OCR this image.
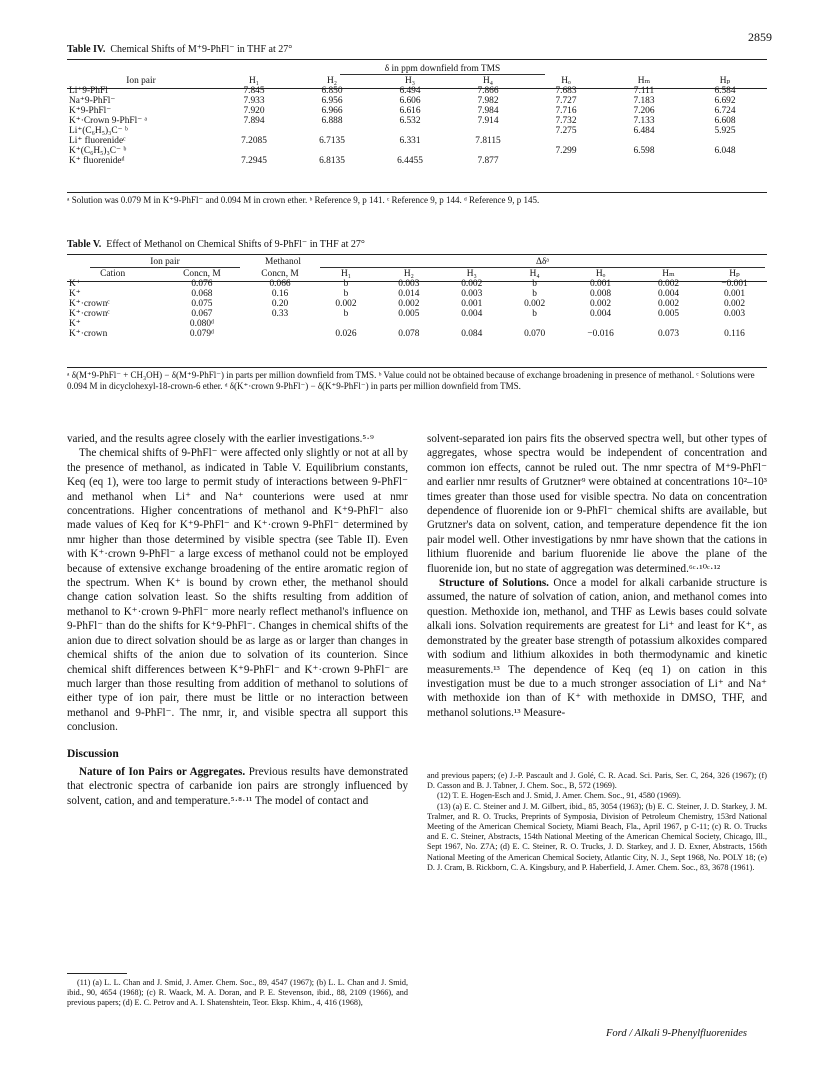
2859
Table IV. Chemical Shifts of M⁺9-PhFl⁻ in THF at 27°
δ in ppm downfield from TMS
Ion pair	H₁	H₂	H₃	H₄	Hₒ	Hₘ	Hₚ
Li⁺9-PhFl⁻	7.845	6.850	6.494	7.866	7.683	7.111	6.584
Na⁺9-PhFl⁻	7.933	6.956	6.606	7.982	7.727	7.183	6.692
K⁺9-PhFl⁻	7.920	6.966	6.616	7.984	7.716	7.206	6.724
K⁺·Crown 9-PhFl⁻ ᵃ	7.894	6.888	6.532	7.914	7.732	7.133	6.608
Li⁺(C₆H₅)₃C⁻ ᵇ					7.275	6.484	5.925
Li⁺ fluorenideᶜ	7.2085	6.7135	6.331	7.8115			
K⁺(C₆H₅)₃C⁻ ᵇ					7.299	6.598	6.048
K⁺ fluorenideᵈ	7.2945	6.8135	6.4455	7.877			
ᵃ Solution was 0.079 M in K⁺9-PhFl⁻ and 0.094 M in crown ether. ᵇ Reference 9, p 141. ᶜ Reference 9, p 144. ᵈ Reference 9, p 145.
Table V. Effect of Methanol on Chemical Shifts of 9-PhFl⁻ in THF at 27°
Ion pair	Methanol	Δδᵃ
Cation	Concn, M	Concn, M	H₁	H₂	H₃	H₄	Hₒ	Hₘ	Hₚ
K⁺	0.076	0.066	b	0.003	0.002	b	0.001	0.002	−0.001
K⁺	0.068	0.16	b	0.014	0.003	b	0.008	0.004	0.001
K⁺·crownᶜ	0.075	0.20	0.002	0.002	0.001	0.002	0.002	0.002	0.002
K⁺·crownᶜ	0.067	0.33	b	0.005	0.004	b	0.004	0.005	0.003
K⁺	0.080ᵈ								
K⁺·crown	0.079ᵈ		0.026	0.078	0.084	0.070	−0.016	0.073	0.116
ᵃ δ(M⁺9-PhFl⁻ + CH₃OH) − δ(M⁺9-PhFl⁻) in parts per million downfield from TMS. ᵇ Value could not be obtained because of exchange broadening in presence of methanol. ᶜ Solutions were 0.094 M in dicyclohexyl-18-crown-6 ether. ᵈ δ(K⁺·crown 9-PhFl⁻) − δ(K⁺9-PhFl⁻) in parts per million downfield from TMS.

varied, and the results agree closely with the earlier investigations.⁵·⁹

The chemical shifts of 9-PhFl⁻ were affected only slightly or not at all by the presence of methanol, as indicated in Table V. Equilibrium constants, Keq (eq 1), were too large to permit study of interactions between 9-PhFl⁻ and methanol when Li⁺ and Na⁺ counterions were used at nmr concentrations. Higher concentrations of methanol and K⁺9-PhFl⁻ also made values of Keq for K⁺9-PhFl⁻ and K⁺·crown 9-PhFl⁻ determined by nmr higher than those determined by visible spectra (see Table II). Even with K⁺·crown 9-PhFl⁻ a large excess of methanol could not be employed because of extensive exchange broadening of the entire aromatic region of the spectrum. When K⁺ is bound by crown ether, the methanol should change cation solvation least. So the shifts resulting from addition of methanol to K⁺·crown 9-PhFl⁻ more nearly reflect methanol's influence on 9-PhFl⁻ than do the shifts for K⁺9-PhFl⁻. Changes in chemical shifts of the anion due to direct solvation should be as large as or larger than changes in chemical shifts of the anion due to solvation of its counterion. Since chemical shift differences between K⁺9-PhFl⁻ and K⁺·crown 9-PhFl⁻ are much larger than those resulting from addition of methanol to solutions of either type of ion pair, there must be little or no interaction between methanol and 9-PhFl⁻. The nmr, ir, and visible spectra all support this conclusion.

Discussion

Nature of Ion Pairs or Aggregates. Previous results have demonstrated that electronic spectra of carbanide ion pairs are strongly influenced by solvent, cation, and and temperature.⁵·⁸·¹¹ The model of contact and

(11) (a) L. L. Chan and J. Smid, J. Amer. Chem. Soc., 89, 4547 (1967); (b) L. L. Chan and J. Smid, ibid., 90, 4654 (1968); (c) R. Waack, M. A. Doran, and P. E. Stevenson, ibid., 88, 2109 (1966), and previous papers; (d) E. C. Petrov and A. I. Shatenshtein, Teor. Eksp. Khim., 4, 416 (1968),

solvent-separated ion pairs fits the observed spectra well, but other types of aggregates, whose spectra would be independent of concentration and common ion effects, cannot be ruled out. The nmr spectra of M⁺9-PhFl⁻ and earlier nmr results of Grutzner⁹ were obtained at concentrations 10²–10³ times greater than those used for visible spectra. No data on concentration dependence of fluorenide ion or 9-PhFl⁻ chemical shifts are available, but Grutzner's data on solvent, cation, and temperature dependence fit the ion pair model well. Other investigations by nmr have shown that the cations in lithium fluorenide and barium fluorenide lie above the plane of the fluorenide ion, but no state of aggregation was determined.⁶ᶜ·¹⁰ᶜ·¹²

Structure of Solutions. Once a model for alkali carbanide structure is assumed, the nature of solvation of cation, anion, and methanol comes into question. Methoxide ion, methanol, and THF as Lewis bases could solvate alkali ions. Solvation requirements are greatest for Li⁺ and least for K⁺, as demonstrated by the greater base strength of potassium alkoxides compared with sodium and lithium alkoxides in both thermodynamic and kinetic measurements.¹³ The dependence of Keq (eq 1) on cation in this investigation must be due to a much stronger association of Li⁺ and Na⁺ with methoxide ion than of K⁺ with methoxide in DMSO, THF, and methanol solutions.¹³ Measure-

and previous papers; (e) J.-P. Pascault and J. Golé, C. R. Acad. Sci. Paris, Ser. C, 264, 326 (1967); (f) D. Casson and B. J. Tabner, J. Chem. Soc., B, 572 (1969).

(12) T. E. Hogen-Esch and J. Smid, J. Amer. Chem. Soc., 91, 4580 (1969).

(13) (a) E. C. Steiner and J. M. Gilbert, ibid., 85, 3054 (1963); (b) E. C. Steiner, J. D. Starkey, J. M. Tralmer, and R. O. Trucks, Preprints of Symposia, Division of Petroleum Chemistry, 153rd National Meeting of the American Chemical Society, Miami Beach, Fla., April 1967, p C-11; (c) R. O. Trucks and E. C. Steiner, Abstracts, 154th National Meeting of the American Chemical Society, Chicago, Ill., Sept 1967, No. Z7A; (d) E. C. Steiner, R. O. Trucks, J. D. Starkey, and J. D. Exner, Abstracts, 156th National Meeting of the American Chemical Society, Atlantic City, N. J., Sept 1968, No. POLY 18; (e) D. J. Cram, B. Rickborn, C. A. Kingsbury, and P. Haberfield, J. Amer. Chem. Soc., 83, 3678 (1961).

Ford / Alkali 9-Phenylfluorenides
